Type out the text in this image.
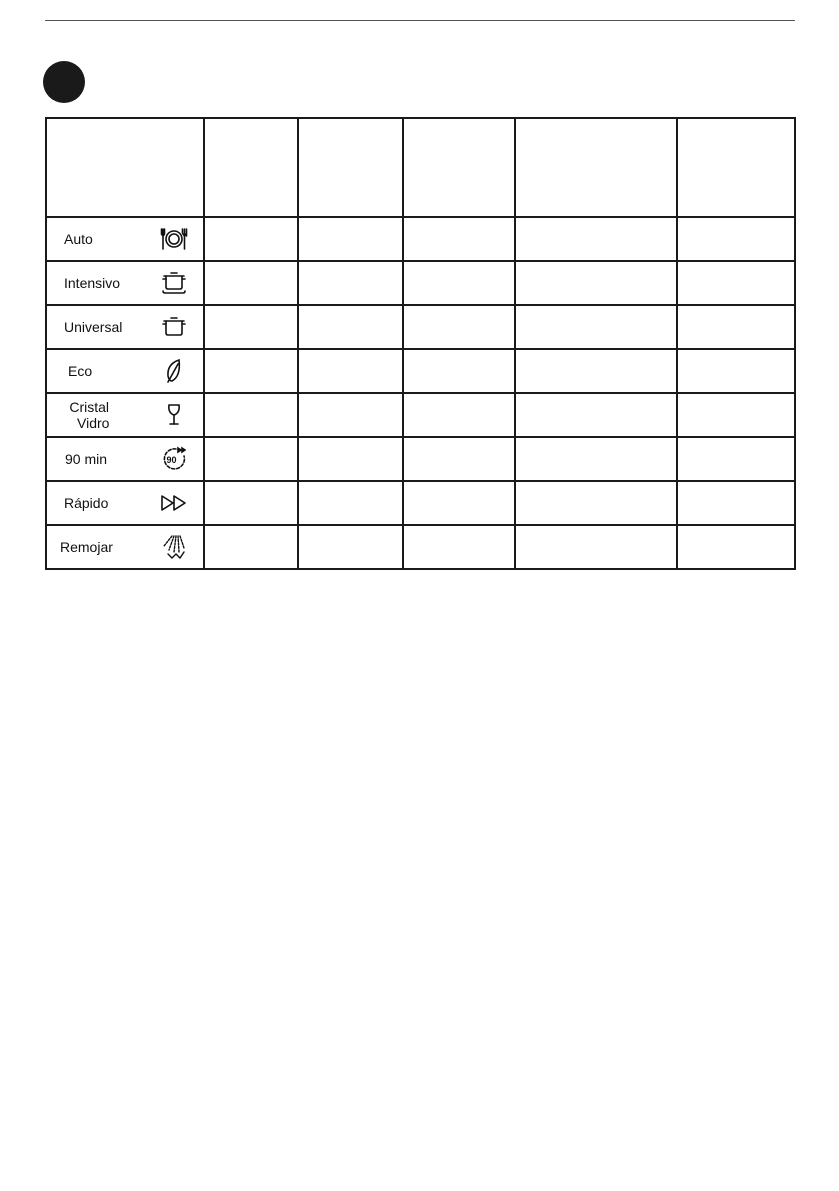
Auto					

Intensivo					

Universal					

Eco					

Cristal
Vidro					

90 min 90					

Rápido					

Remojar					
